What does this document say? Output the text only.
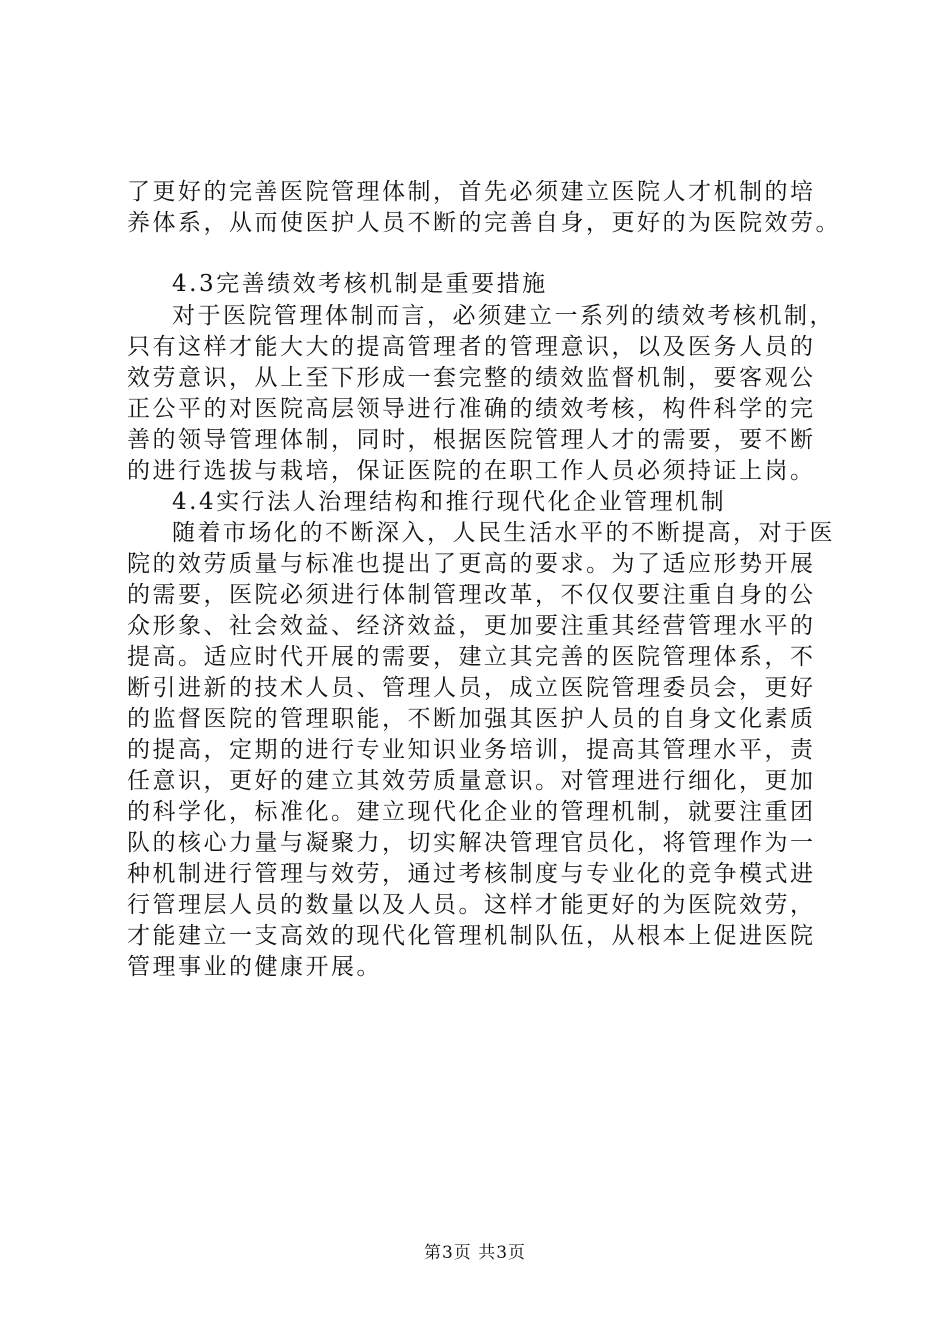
了更好的完善医院管理体制，首先必须建立医院人才机制的培
养体系，从而使医护人员不断的完善自身，更好的为医院效劳。
4.3完善绩效考核机制是重要措施
对于医院管理体制而言，必须建立一系列的绩效考核机制，
只有这样才能大大的提高管理者的管理意识，以及医务人员的
效劳意识，从上至下形成一套完整的绩效监督机制，要客观公
正公平的对医院高层领导进行准确的绩效考核，构件科学的完
善的领导管理体制，同时，根据医院管理人才的需要，要不断
的进行选拔与栽培，保证医院的在职工作人员必须持证上岗。
4.4实行法人治理结构和推行现代化企业管理机制
随着市场化的不断深入，人民生活水平的不断提高，对于医
院的效劳质量与标准也提出了更高的要求。为了适应形势开展
的需要，医院必须进行体制管理改革，不仅仅要注重自身的公
众形象、社会效益、经济效益，更加要注重其经营管理水平的
提高。适应时代开展的需要，建立其完善的医院管理体系，不
断引进新的技术人员、管理人员，成立医院管理委员会，更好
的监督医院的管理职能，不断加强其医护人员的自身文化素质
的提高，定期的进行专业知识业务培训，提高其管理水平，责
任意识，更好的建立其效劳质量意识。对管理进行细化，更加
的科学化，标准化。建立现代化企业的管理机制，就要注重团
队的核心力量与凝聚力，切实解决管理官员化，将管理作为一
种机制进行管理与效劳，通过考核制度与专业化的竞争模式进
行管理层人员的数量以及人员。这样才能更好的为医院效劳，
才能建立一支高效的现代化管理机制队伍，从根本上促进医院
管理事业的健康开展。
第3页 共3页
